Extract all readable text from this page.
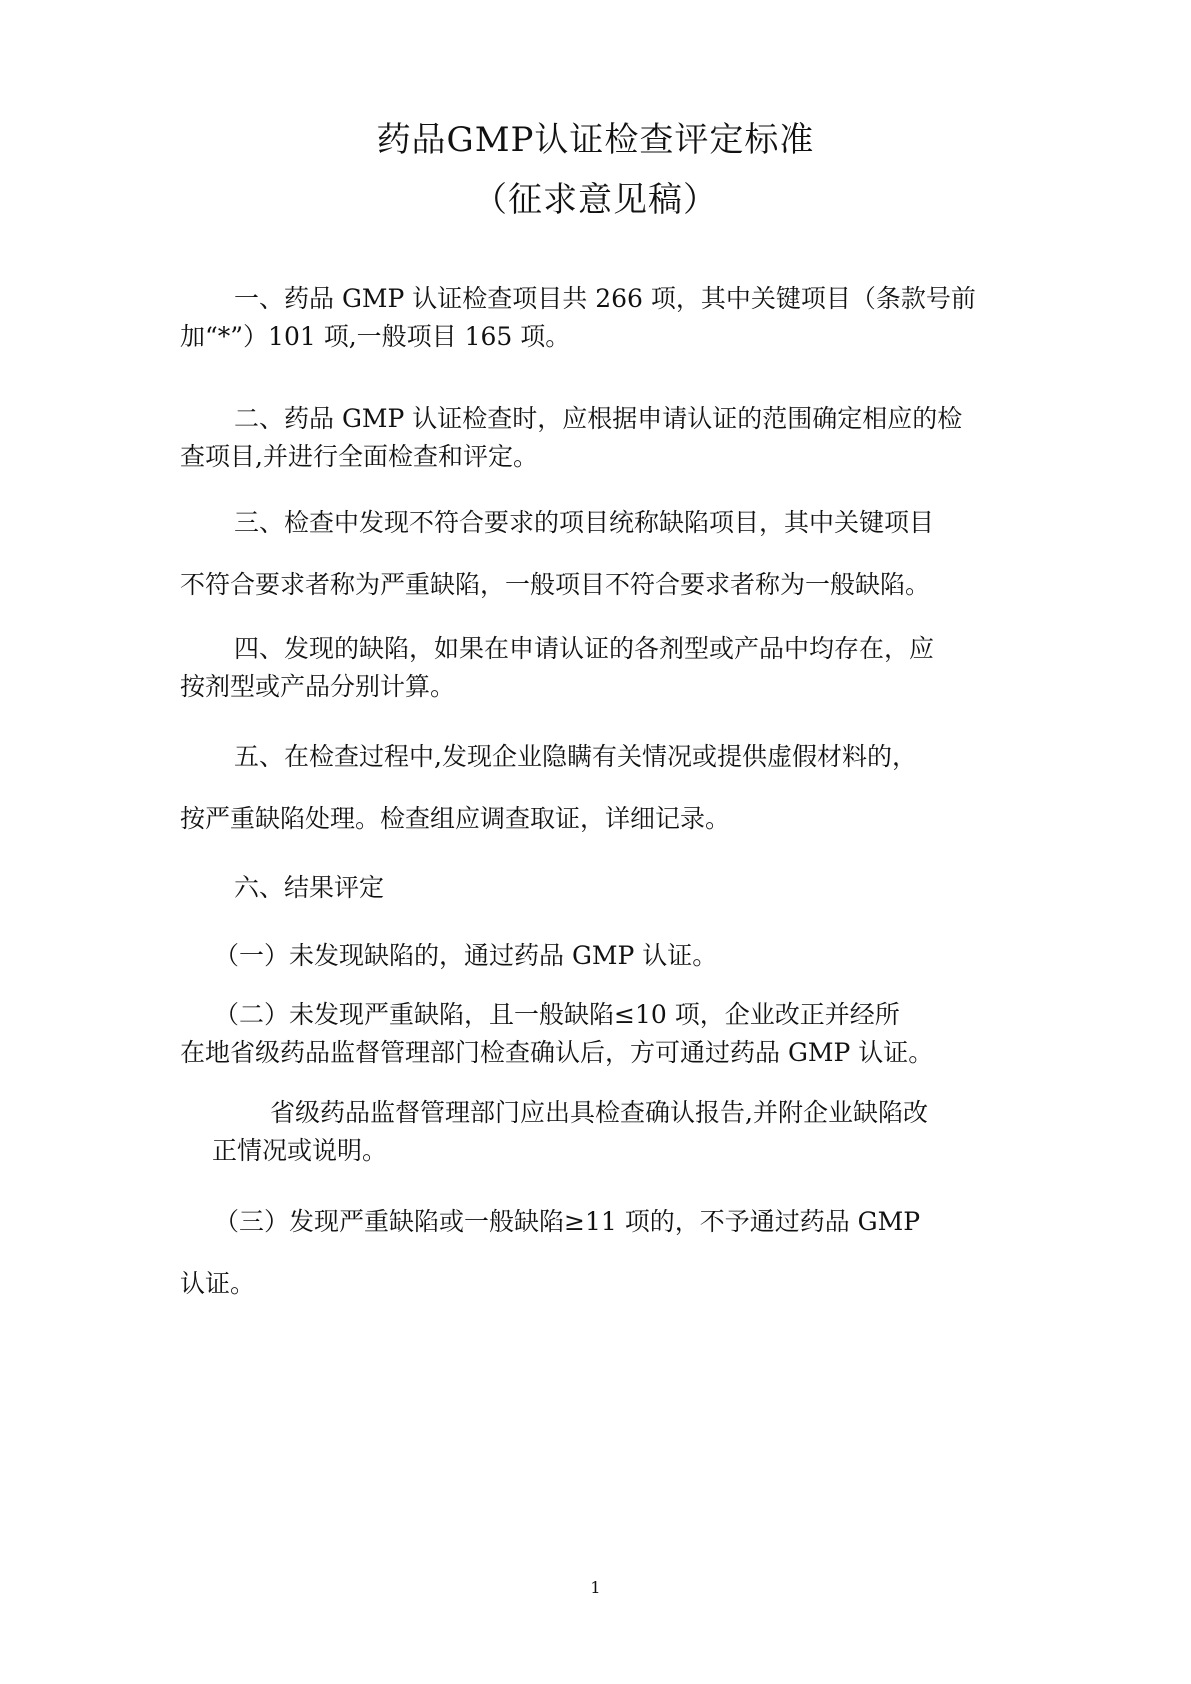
药品GMP认证检查评定标准
（征求意见稿）
一、药品 GMP 认证检查项目共 266 项，其中关键项目（条款号前
加“*”）101 项,一般项目 165 项。
二、药品 GMP 认证检查时，应根据申请认证的范围确定相应的检
查项目,并进行全面检查和评定。
三、检查中发现不符合要求的项目统称缺陷项目，其中关键项目
不符合要求者称为严重缺陷，一般项目不符合要求者称为一般缺陷。
四、发现的缺陷，如果在申请认证的各剂型或产品中均存在，应
按剂型或产品分别计算。
五、在检查过程中,发现企业隐瞒有关情况或提供虚假材料的，
按严重缺陷处理。检查组应调查取证，详细记录。
六、结果评定
（一）未发现缺陷的，通过药品 GMP 认证。
（二）未发现严重缺陷，且一般缺陷≤10 项，企业改正并经所
在地省级药品监督管理部门检查确认后，方可通过药品 GMP 认证。
省级药品监督管理部门应出具检查确认报告,并附企业缺陷改
正情况或说明。
（三）发现严重缺陷或一般缺陷≥11 项的，不予通过药品 GMP
认证。
1
